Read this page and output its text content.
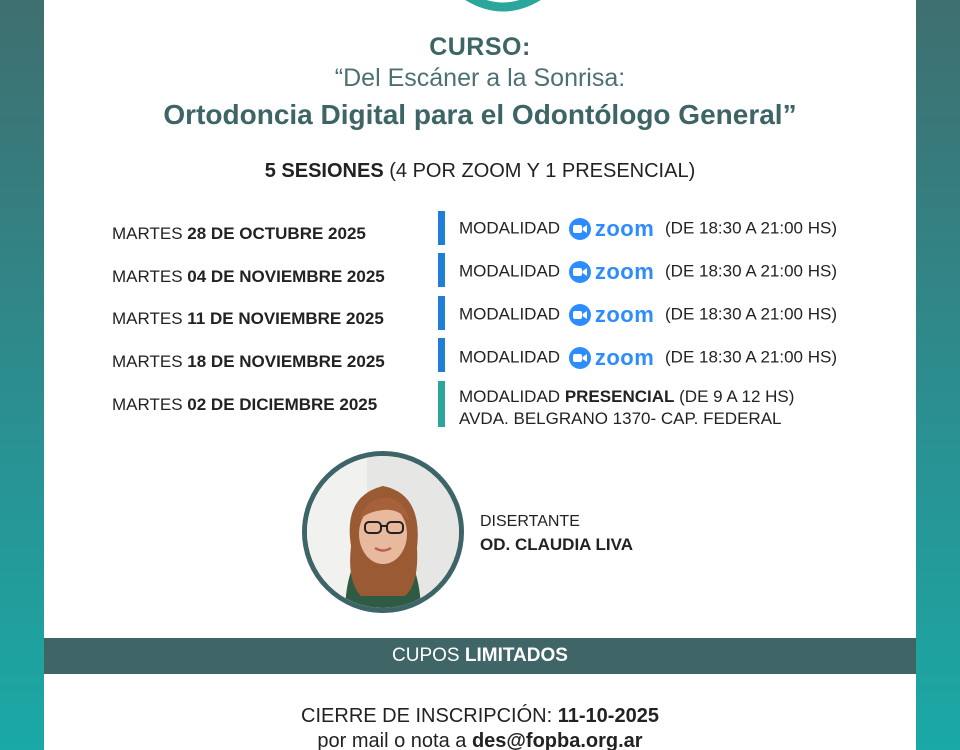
CURSO:
“Del Escáner a la Sonrisa:
Ortodoncia Digital para el Odontólogo General”
5 SESIONES (4 POR ZOOM Y 1 PRESENCIAL)
MARTES 28 DE OCTUBRE 2025	MODALIDAD zoom (DE 18:30 A 21:00 HS)
MARTES 04 DE NOVIEMBRE 2025	MODALIDAD zoom (DE 18:30 A 21:00 HS)
MARTES 11 DE NOVIEMBRE 2025	MODALIDAD zoom (DE 18:30 A 21:00 HS)
MARTES 18 DE NOVIEMBRE 2025	MODALIDAD zoom (DE 18:30 A 21:00 HS)
MARTES 02 DE DICIEMBRE 2025	MODALIDAD PRESENCIAL (DE 9 A 12 HS)
AVDA. BELGRANO 1370- CAP. FEDERAL
DISERTANTE
OD. CLAUDIA LIVA
CUPOS LIMITADOS
CIERRE DE INSCRIPCIÓN: 11-10-2025
por mail o nota a des@fopba.org.ar
